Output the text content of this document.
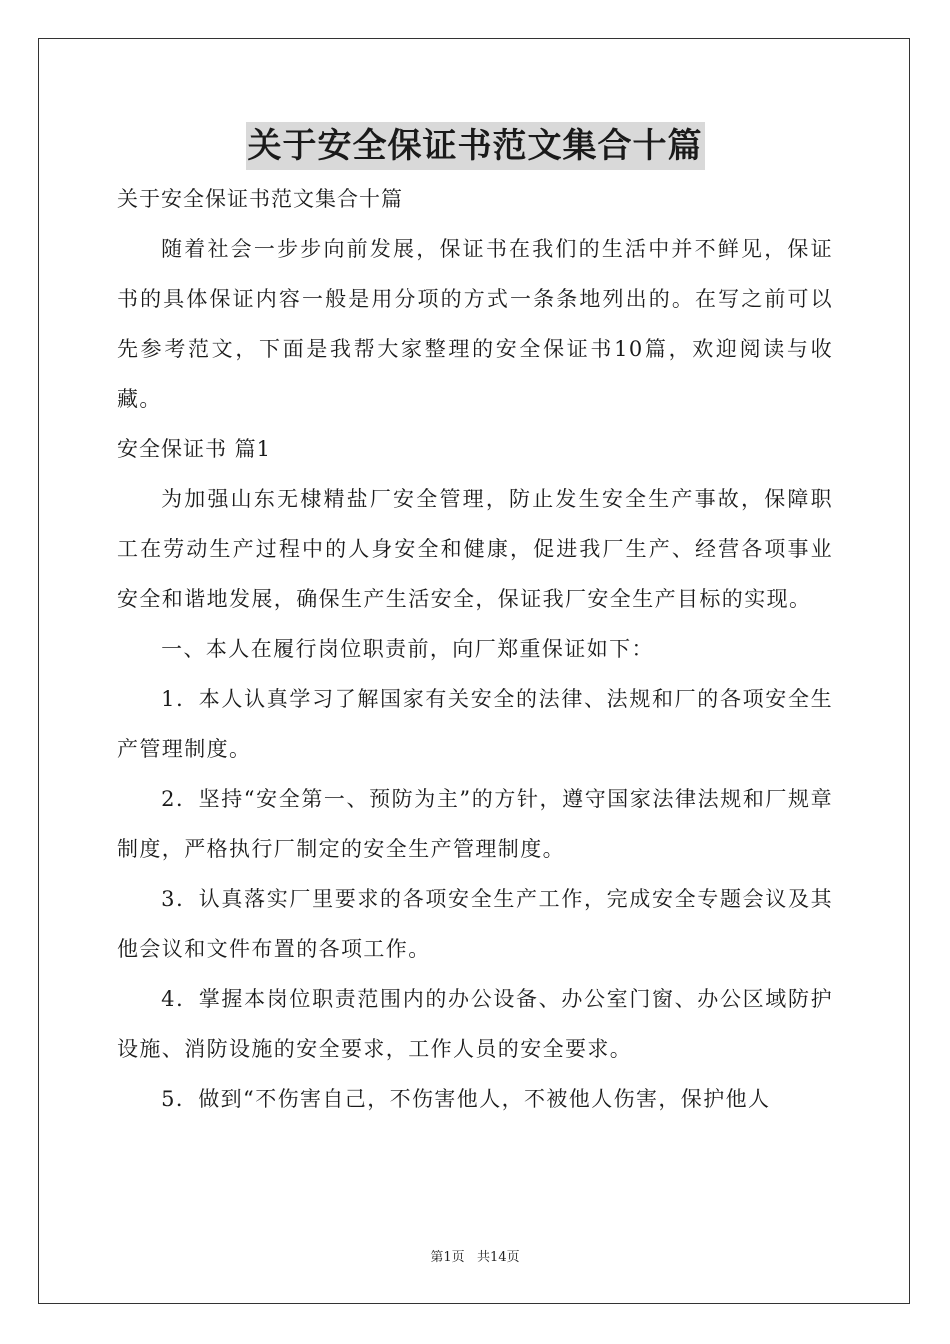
关于安全保证书范文集合十篇

关于安全保证书范文集合十篇

随着社会一步步向前发展，保证书在我们的生活中并不鲜见，保证书的具体保证内容一般是用分项的方式一条条地列出的。在写之前可以先参考范文，下面是我帮大家整理的安全保证书10篇，欢迎阅读与收藏。

安全保证书 篇1

为加强山东无棣精盐厂安全管理，防止发生安全生产事故，保障职工在劳动生产过程中的人身安全和健康，促进我厂生产、经营各项事业安全和谐地发展，确保生产生活安全，保证我厂安全生产目标的实现。

一、本人在履行岗位职责前，向厂郑重保证如下：

1．本人认真学习了解国家有关安全的法律、法规和厂的各项安全生产管理制度。

2．坚持“安全第一、预防为主”的方针，遵守国家法律法规和厂规章制度，严格执行厂制定的安全生产管理制度。

3．认真落实厂里要求的各项安全生产工作，完成安全专题会议及其他会议和文件布置的各项工作。

4．掌握本岗位职责范围内的办公设备、办公室门窗、办公区域防护设施、消防设施的安全要求，工作人员的安全要求。

5．做到“不伤害自己，不伤害他人，不被他人伤害，保护他人

第1页   共14页
